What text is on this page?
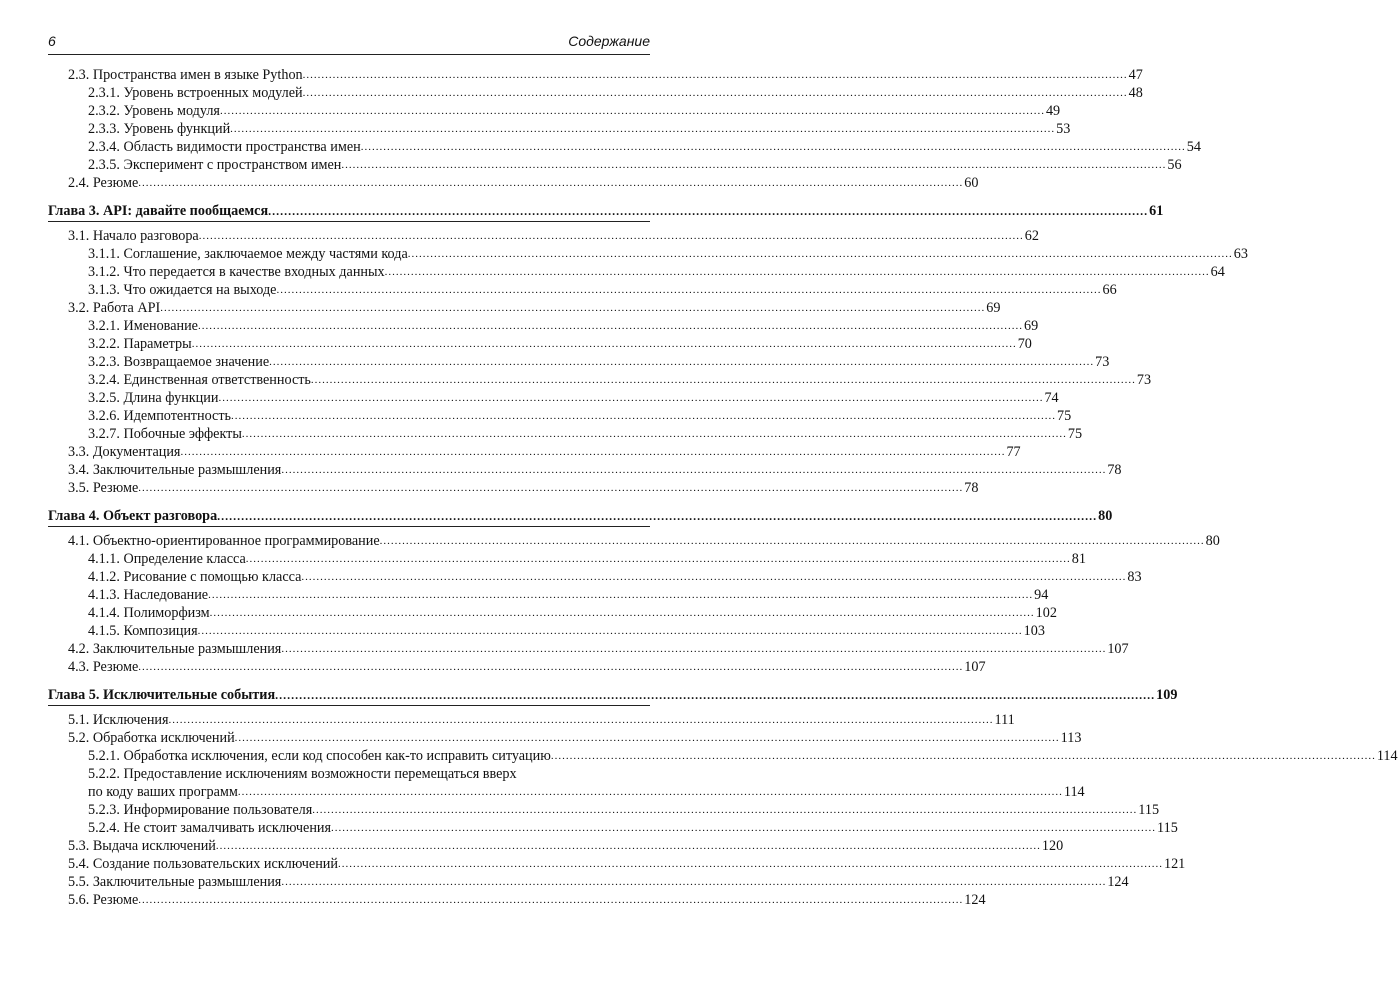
6	Содержание
2.3. Пространства имен в языке Python ............................................................................................................................................................................................................................ 47
2.3.1. Уровень встроенных модулей ............................................................................................................................................................................................................................ 48
2.3.2. Уровень модуля ............................................................................................................................................................................................................................ 49
2.3.3. Уровень функций ............................................................................................................................................................................................................................ 53
2.3.4. Область видимости пространства имен ............................................................................................................................................................................................................................ 54
2.3.5. Эксперимент с пространством имен ............................................................................................................................................................................................................................ 56
2.4. Резюме ............................................................................................................................................................................................................................ 60
Глава 3. API: давайте пообщаемся ............................................................................................................................................................................................................................ 61
3.1. Начало разговора ............................................................................................................................................................................................................................ 62
3.1.1. Соглашение, заключаемое между частями кода ............................................................................................................................................................................................................................ 63
3.1.2. Что передается в качестве входных данных ............................................................................................................................................................................................................................ 64
3.1.3. Что ожидается на выходе ............................................................................................................................................................................................................................ 66
3.2. Работа API ............................................................................................................................................................................................................................ 69
3.2.1. Именование ............................................................................................................................................................................................................................ 69
3.2.2. Параметры ............................................................................................................................................................................................................................ 70
3.2.3. Возвращаемое значение ............................................................................................................................................................................................................................ 73
3.2.4. Единственная ответственность ............................................................................................................................................................................................................................ 73
3.2.5. Длина функции ............................................................................................................................................................................................................................ 74
3.2.6. Идемпотентность ............................................................................................................................................................................................................................ 75
3.2.7. Побочные эффекты ............................................................................................................................................................................................................................ 75
3.3. Документация ............................................................................................................................................................................................................................ 77
3.4. Заключительные размышления ............................................................................................................................................................................................................................ 78
3.5. Резюме ............................................................................................................................................................................................................................ 78
Глава 4. Объект разговора ............................................................................................................................................................................................................................ 80
4.1. Объектно-ориентированное программирование ............................................................................................................................................................................................................................ 80
4.1.1. Определение класса ............................................................................................................................................................................................................................ 81
4.1.2. Рисование с помощью класса ............................................................................................................................................................................................................................ 83
4.1.3. Наследование ............................................................................................................................................................................................................................ 94
4.1.4. Полиморфизм ............................................................................................................................................................................................................................ 102
4.1.5. Композиция ............................................................................................................................................................................................................................ 103
4.2. Заключительные размышления ............................................................................................................................................................................................................................ 107
4.3. Резюме ............................................................................................................................................................................................................................ 107
Глава 5. Исключительные события ............................................................................................................................................................................................................................ 109
5.1. Исключения ............................................................................................................................................................................................................................ 111
5.2. Обработка исключений ............................................................................................................................................................................................................................ 113
5.2.1. Обработка исключения, если код способен как-то исправить ситуацию ............................................................................................................................................................................................................................ 114
5.2.2. Предоставление исключениям возможности перемещаться вверх
по коду ваших программ ............................................................................................................................................................................................................................ 114
5.2.3. Информирование пользователя ............................................................................................................................................................................................................................ 115
5.2.4. Не стоит замалчивать исключения ............................................................................................................................................................................................................................ 115
5.3. Выдача исключений ............................................................................................................................................................................................................................ 120
5.4. Создание пользовательских исключений ............................................................................................................................................................................................................................ 121
5.5. Заключительные размышления ............................................................................................................................................................................................................................ 124
5.6. Резюме ............................................................................................................................................................................................................................ 124
